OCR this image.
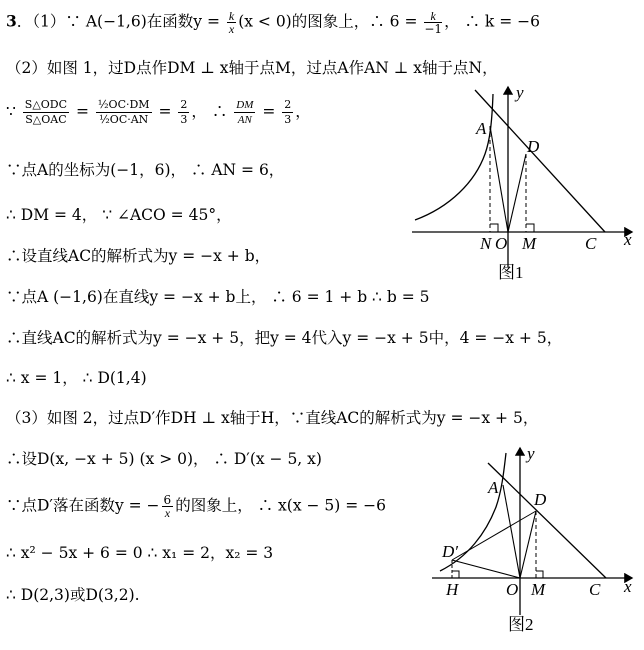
3．（1）∵ A(−1,6)在函数$y = \frac{k}{x} (x < 0)$的图象上，∴ $6 = \frac{k}{-1}$ ， ∴ k = −6
（2）如图 1，过D点作DM ⊥ x轴于点M，过点A作AN ⊥ x轴于点N，
∵ $\frac{\text{S△ODC}}{\text{S△OAC}} = \frac{\text{½OC·DM}}{\text{½OC·AN}} = \frac{2}{3}$ ， ∴ $\frac{DM}{AN} = \frac{2}{3}$ ，
∵点A的坐标为(−1，6)， ∴ AN = 6，
∴ DM = 4， ∵ ∠ACO = 45°，
∴设直线AC的解析式为y = −x + b，
∵点A (−1,6)在直线y = −x + b上， ∴ 6 = 1 + b ∴ b = 5
∴直线AC的解析式为y = −x + 5，把y = 4代入y = −x + 5中，4 = −x + 5，
∴ x = 1， ∴ D(1,4)
（3）如图 2，过点D′作DH ⊥ x轴于H，∵直线AC的解析式为y = −x + 5，
∴设D(x, −x + 5) (x > 0)， ∴ D′(x − 5, x)
∵点D′落在函数y = − $\frac{6}{x}$ 的图象上， ∴ x(x − 5) = −6
∴ x² − 5x + 6 = 0 ∴ x₁ = 2，x₂ = 3
∴ D(2,3)或D(3,2).
y
x
A
D
N O M	C
图1
y
x
A
D
D′
H	O M	C
图2
